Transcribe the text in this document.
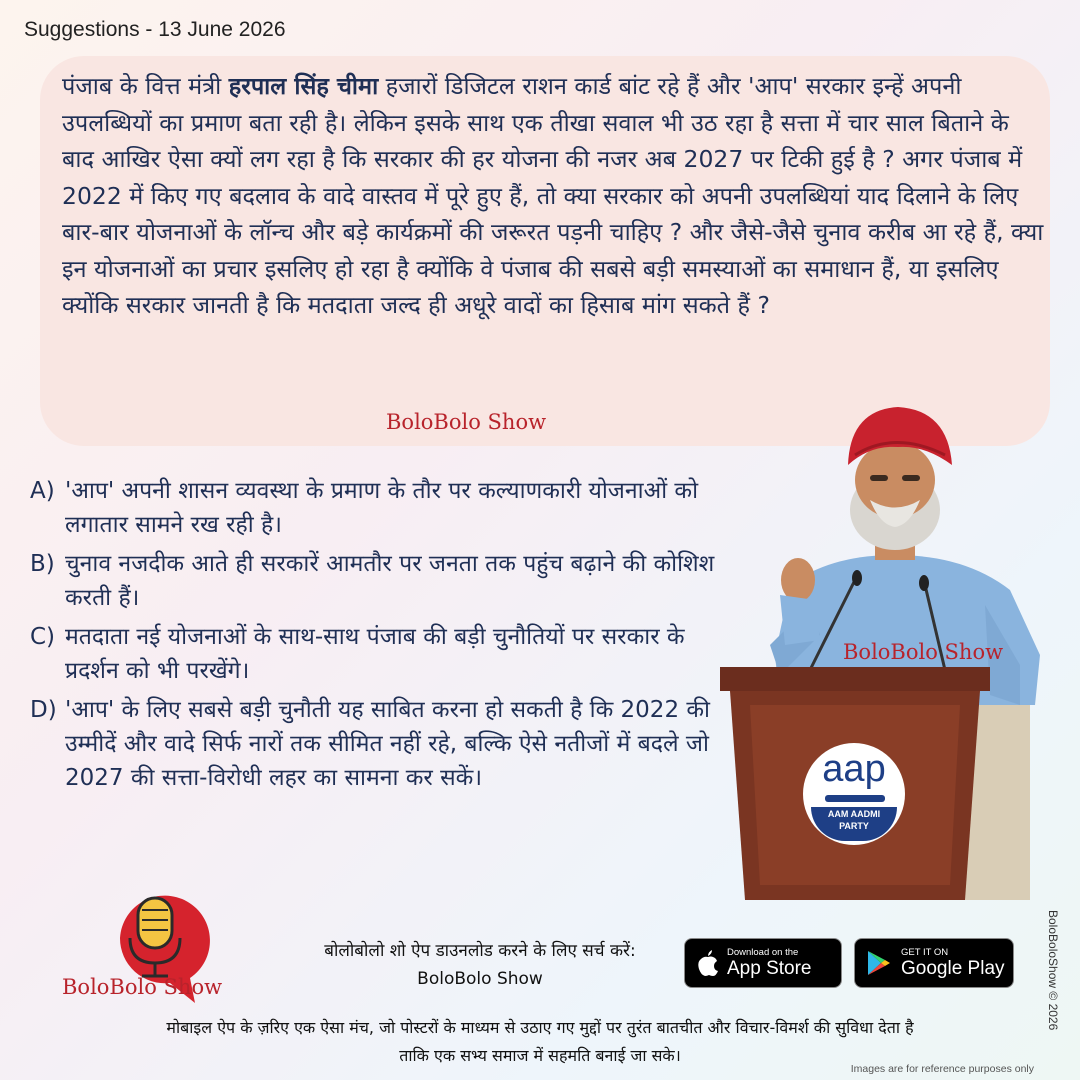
Suggestions - 13 June 2026

पंजाब के वित्त मंत्री हरपाल सिंह चीमा हजारों डिजिटल राशन कार्ड बांट रहे हैं और 'आप' सरकार इन्हें अपनी उपलब्धियों का प्रमाण बता रही है। लेकिन इसके साथ एक तीखा सवाल भी उठ रहा है सत्ता में चार साल बिताने के बाद आखिर ऐसा क्यों लग रहा है कि सरकार की हर योजना की नजर अब 2027 पर टिकी हुई है ? अगर पंजाब में 2022 में किए गए बदलाव के वादे वास्तव में पूरे हुए हैं, तो क्या सरकार को अपनी उपलब्धियां याद दिलाने के लिए बार-बार योजनाओं के लॉन्च और बड़े कार्यक्रमों की जरूरत पड़नी चाहिए ? और जैसे-जैसे चुनाव करीब आ रहे हैं, क्या इन योजनाओं का प्रचार इसलिए हो रहा है क्योंकि वे पंजाब की सबसे बड़ी समस्याओं का समाधान हैं, या इसलिए क्योंकि सरकार जानती है कि मतदाता जल्द ही अधूरे वादों का हिसाब मांग सकते हैं ?

BoloBolo Show
A) 'आप' अपनी शासन व्यवस्था के प्रमाण के तौर पर कल्याणकारी योजनाओं को लगातार सामने रख रही है।
B) चुनाव नजदीक आते ही सरकारें आमतौर पर जनता तक पहुंच बढ़ाने की कोशिश करती हैं।
C) मतदाता नई योजनाओं के साथ-साथ पंजाब की बड़ी चुनौतियों पर सरकार के प्रदर्शन को भी परखेंगे।
D) 'आप' के लिए सबसे बड़ी चुनौती यह साबित करना हो सकती है कि 2022 की उम्मीदें और वादे सिर्फ नारों तक सीमित नहीं रहे, बल्कि ऐसे नतीजों में बदले जो 2027 की सत्ता-विरोधी लहर का सामना कर सकें।	aap
AAM AADMI
PARTY
BoloBolo Show
BoloBolo Show
बोलोबोलो शो ऐप डाउनलोड करने के लिए सर्च करें:
BoloBolo Show
Download on the
App Store
GET IT ON
Google Play
मोबाइल ऐप के ज़रिए एक ऐसा मंच, जो पोस्टरों के माध्यम से उठाए गए मुद्दों पर तुरंत बातचीत और विचार-विमर्श की सुविधा देता है
ताकि एक सभ्य समाज में सहमति बनाई जा सके।
Images are for reference purposes only
BoloBoloShow © 2026
